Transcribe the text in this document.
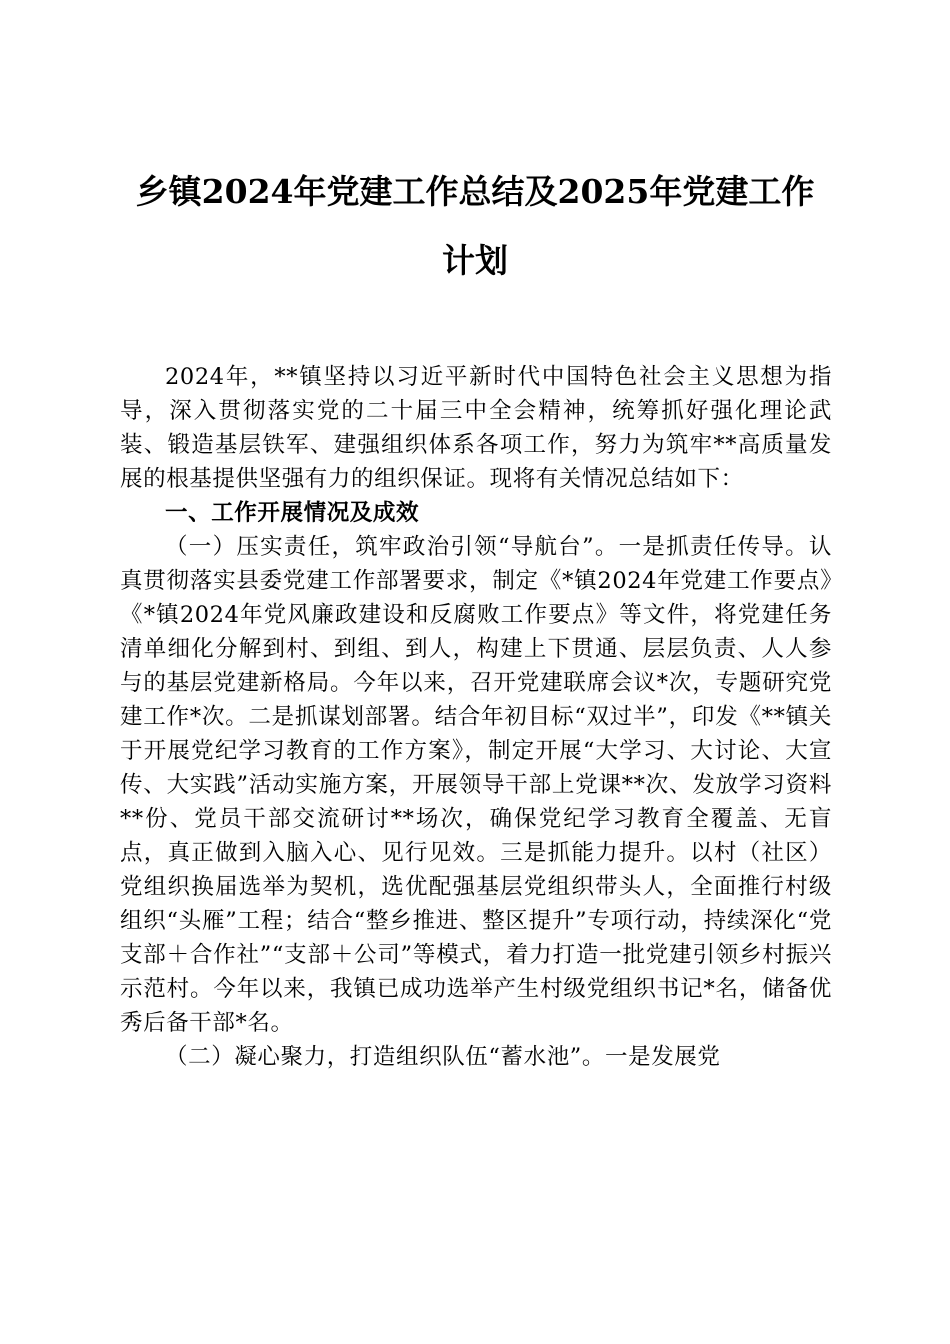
乡镇2024年党建工作总结及2025年党建工作
计划

2024年，**镇坚持以习近平新时代中国特色社会主义思想为指导，深入贯彻落实党的二十届三中全会精神，统筹抓好强化理论武装、锻造基层铁军、建强组织体系各项工作，努力为筑牢**高质量发展的根基提供坚强有力的组织保证。现将有关情况总结如下：

一、工作开展情况及成效

（一）压实责任，筑牢政治引领“导航台”。一是抓责任传导。认真贯彻落实县委党建工作部署要求，制定《*镇2024年党建工作要点》《*镇2024年党风廉政建设和反腐败工作要点》等文件，将党建任务清单细化分解到村、到组、到人，构建上下贯通、层层负责、人人参与的基层党建新格局。今年以来，召开党建联席会议*次，专题研究党建工作*次。二是抓谋划部署。结合年初目标“双过半”，印发《**镇关于开展党纪学习教育的工作方案》，制定开展“大学习、大讨论、大宣传、大实践”活动实施方案，开展领导干部上党课**次、发放学习资料**份、党员干部交流研讨**场次，确保党纪学习教育全覆盖、无盲点，真正做到入脑入心、见行见效。三是抓能力提升。以村（社区）党组织换届选举为契机，选优配强基层党组织带头人，全面推行村级组织“头雁”工程；结合“整乡推进、整区提升”专项行动，持续深化“党支部＋合作社”“支部＋公司”等模式，着力打造一批党建引领乡村振兴示范村。今年以来，我镇已成功选举产生村级党组织书记*名，储备优秀后备干部*名。

（二）凝心聚力，打造组织队伍“蓄水池”。一是发展党
